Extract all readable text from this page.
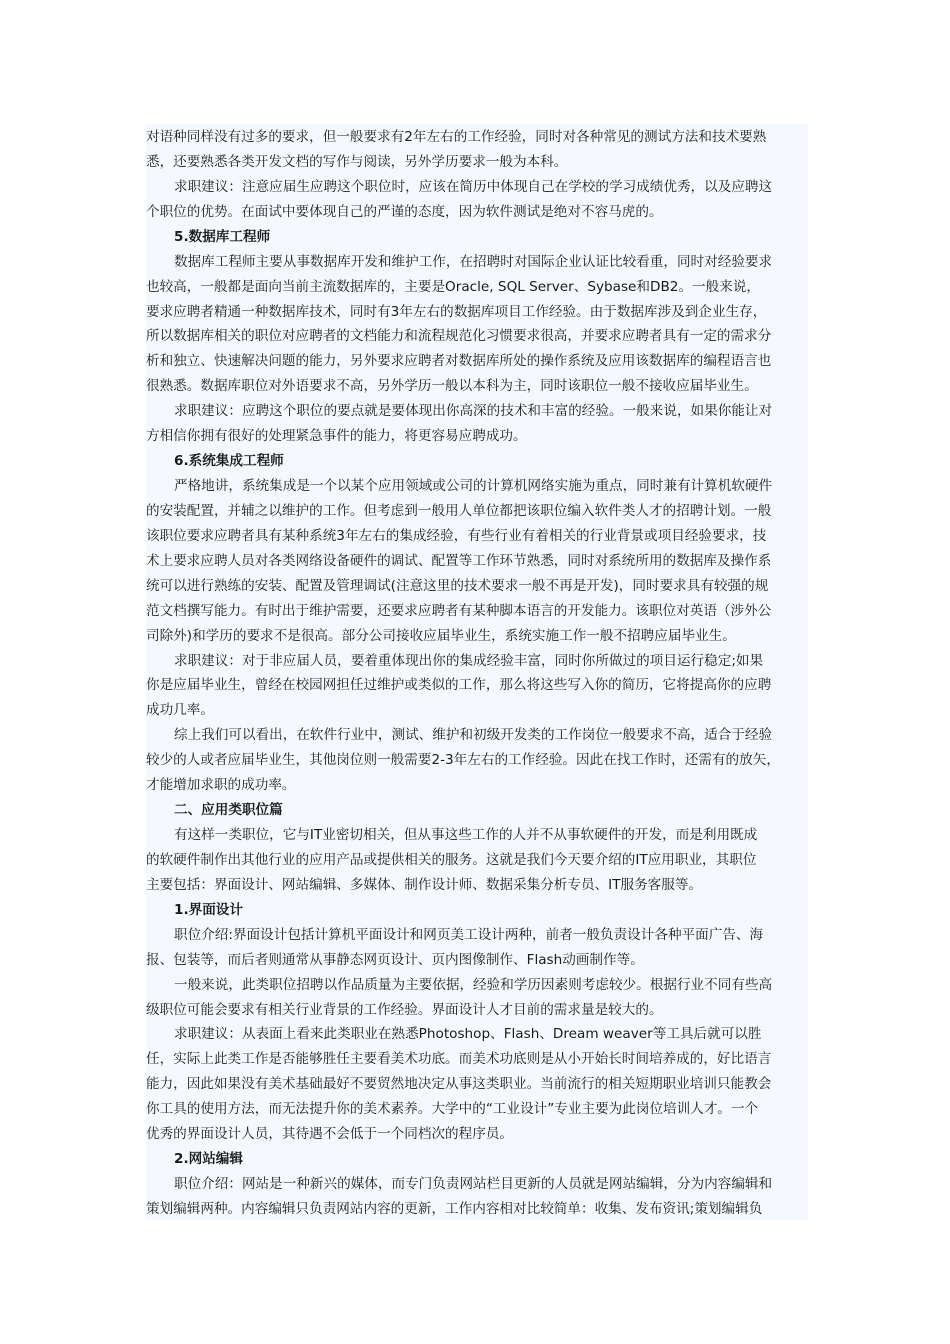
对语种同样没有过多的要求，但一般要求有2年左右的工作经验，同时对各种常见的测试方法和技术要熟
悉，还要熟悉各类开发文档的写作与阅读，另外学历要求一般为本科。
求职建议：注意应届生应聘这个职位时，应该在简历中体现自己在学校的学习成绩优秀，以及应聘这
个职位的优势。在面试中要体现自己的严谨的态度，因为软件测试是绝对不容马虎的。
5.数据库工程师
数据库工程师主要从事数据库开发和维护工作，在招聘时对国际企业认证比较看重，同时对经验要求
也较高，一般都是面向当前主流数据库的，主要是Oracle, SQL Server、Sybase和DB2。一般来说，
要求应聘者精通一种数据库技术，同时有3年左右的数据库项目工作经验。由于数据库涉及到企业生存，
所以数据库相关的职位对应聘者的文档能力和流程规范化习惯要求很高，并要求应聘者具有一定的需求分
析和独立、快速解决问题的能力，另外要求应聘者对数据库所处的操作系统及应用该数据库的编程语言也
很熟悉。数据库职位对外语要求不高，另外学历一般以本科为主，同时该职位一般不接收应届毕业生。
求职建议：应聘这个职位的要点就是要体现出你高深的技术和丰富的经验。一般来说，如果你能让对
方相信你拥有很好的处理紧急事件的能力，将更容易应聘成功。
6.系统集成工程师
严格地讲，系统集成是一个以某个应用领域或公司的计算机网络实施为重点，同时兼有计算机软硬件
的安装配置，并辅之以维护的工作。但考虑到一般用人单位都把该职位编入软件类人才的招聘计划。一般
该职位要求应聘者具有某种系统3年左右的集成经验，有些行业有着相关的行业背景或项目经验要求，技
术上要求应聘人员对各类网络设备硬件的调试、配置等工作环节熟悉，同时对系统所用的数据库及操作系
统可以进行熟练的安装、配置及管理调试(注意这里的技术要求一般不再是开发)，同时要求具有较强的规
范文档撰写能力。有时出于维护需要，还要求应聘者有某种脚本语言的开发能力。该职位对英语（涉外公
司除外)和学历的要求不是很高。部分公司接收应届毕业生，系统实施工作一般不招聘应届毕业生。
求职建议：对于非应届人员，要着重体现出你的集成经验丰富，同时你所做过的项目运行稳定;如果
你是应届毕业生，曾经在校园网担任过维护或类似的工作，那么将这些写入你的简历，它将提高你的应聘
成功几率。
综上我们可以看出，在软件行业中，测试、维护和初级开发类的工作岗位一般要求不高，适合于经验
较少的人或者应届毕业生，其他岗位则一般需要2-3年左右的工作经验。因此在找工作时，还需有的放矢，
才能增加求职的成功率。
二、应用类职位篇
有这样一类职位，它与IT业密切相关，但从事这些工作的人并不从事软硬件的开发，而是利用既成
的软硬件制作出其他行业的应用产品或提供相关的服务。这就是我们今天要介绍的IT应用职业，其职位
主要包括：界面设计、网站编辑、多媒体、制作设计师、数据采集分析专员、IT服务客服等。
1.界面设计
职位介绍:界面设计包括计算机平面设计和网页美工设计两种，前者一般负责设计各种平面广告、海
报、包装等，而后者则通常从事静态网页设计、页内图像制作、Flash动画制作等。
一般来说，此类职位招聘以作品质量为主要依据，经验和学历因素则考虑较少。根据行业不同有些高
级职位可能会要求有相关行业背景的工作经验。界面设计人才目前的需求量是较大的。
求职建议：从表面上看来此类职业在熟悉Photoshop、Flash、Dream weaver等工具后就可以胜
任，实际上此类工作是否能够胜任主要看美术功底。而美术功底则是从小开始长时间培养成的，好比语言
能力，因此如果没有美术基础最好不要贸然地决定从事这类职业。当前流行的相关短期职业培训只能教会
你工具的使用方法，而无法提升你的美术素养。大学中的“工业设计”专业主要为此岗位培训人才。一个
优秀的界面设计人员，其待遇不会低于一个同档次的程序员。
2.网站编辑
职位介绍：网站是一种新兴的媒体，而专门负责网站栏目更新的人员就是网站编辑，分为内容编辑和
策划编辑两种。内容编辑只负责网站内容的更新，工作内容相对比较简单：收集、发布资讯;策划编辑负
